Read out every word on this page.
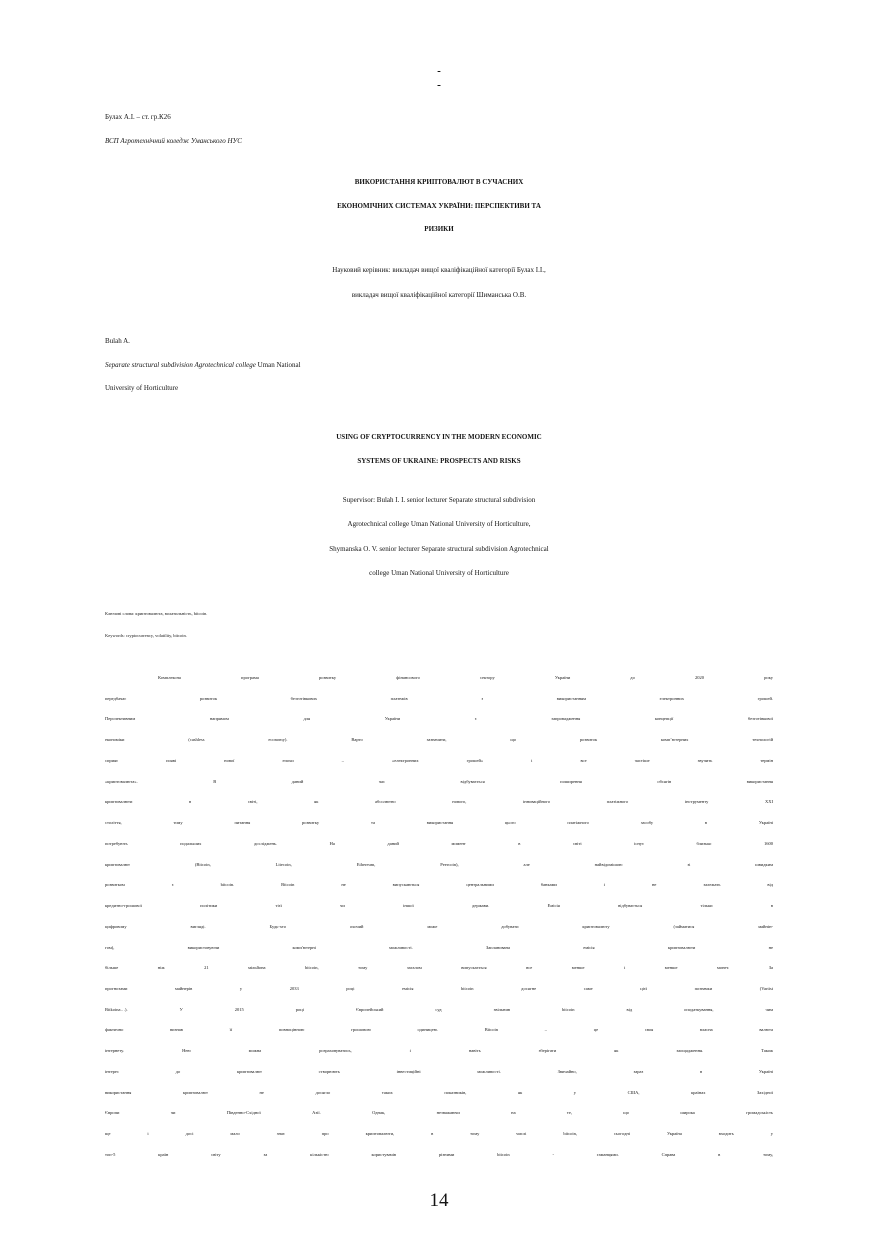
Булах А.І. – ст. гр.К26
ВСП Агротехнічний коледж Уманського НУС
ВИКОРИСТАННЯ КРИПТОВАЛЮТ В СУЧАСНИХ
ЕКОНОМІЧНИХ СИСТЕМАХ УКРАЇНИ: ПЕРСПЕКТИВИ ТА
РИЗИКИ
Науковий керівник: викладач вищої кваліфікаційної категорії Булах І.І.,
викладач вищої кваліфікаційної категорії Шиманська О.В.
Bulah A.
Separate structural subdivision Agrotechnical college Uman National
University of Horticulture
USING OF CRYPTOCURRENCY IN THE MODERN ECONOMIC
SYSTEMS OF UKRAINE: PROSPECTS AND RISKS
Supervisor: Bulah I. I. senior lecturer Separate structural subdivision
Agrotechnical college Uman National University of Horticulture,
Shymanska O. V. senior lecturer Separate structural subdivision Agrotechnical
college Uman National University of Horticulture
Ключові слова: криптовалюта, волатильність, bitcoin.
Keywords: cryptocurrency, volatility, bitcoin.
Комплексна програма розвитку фінансового сектору України до 2020 року
передбачає розвиток безготівкових платежів з використанням електронних грошей.
Перспективним напрямом для України є запровадження концепції безготівкової
економіки (cashless economy). Варто зазначити, що розвиток комп’ютерних технологій
сприяє появі нової епохи – «електронних грошей» і все частіше звучить термін
«криптовалюта». В даний час відбувається поширення обсягів використання
криптовалюти в світі, як абсолютно нового, інноваційного платіжного інструменту XXI
століття, тому питання розвитку та використання цього платіжного засобу в Україні
потребують подальших досліджень. На даний момент в світі існує близько 1600
криптовалют (Bitcoin, Litecoin, Ethereum, Peercoin), але найвідомішою зі швидким
розвитком є bitcoin. Bitcoin не випускаються центральними банками і не залежать від
кредитно-грошової політики тієї чи іншої держави. Емісія відбувається тільки в
цифровому вигляді. Будь-хто охочий може добувати криптовалюту (займатися майнін-
гом), використовуючи комп'ютерні можливості. Запланована емісія криптовалюти не
більше ніж 21 мільйона bitcoin, тому загалом випускається все менше і менше монет. За
прогнозами майнерів у 2033 році емісія bitcoin досягне саме цієї позначки (Vartist
Bitkoina…). У 2015 році Європейський суд звільнив bitcoin від оподаткування, чим
фактично визнав її повноцінною грошовою одиницею. Bitcoin – це своя власна валюта
інтернету. Нею можна розраховуватись, і навіть зберігати як заощадження. Також
інтерес до криптовалют створюють інвестиційні можливості. Звичайно, зараз в Україні
використання криптовалют не досягло таких показників, як у США, країнах Західної
Європи чи Південно-Східної Азії. Однак, незважаючи на те, що широка громадськість
ще і досі мало знає про криптовалюти, в тому числі bitcoin, сьогодні Україна входить у
топ-5 країн світу за кількістю користувачів різними bitcoin - гаманцями. Справа в тому,
14
